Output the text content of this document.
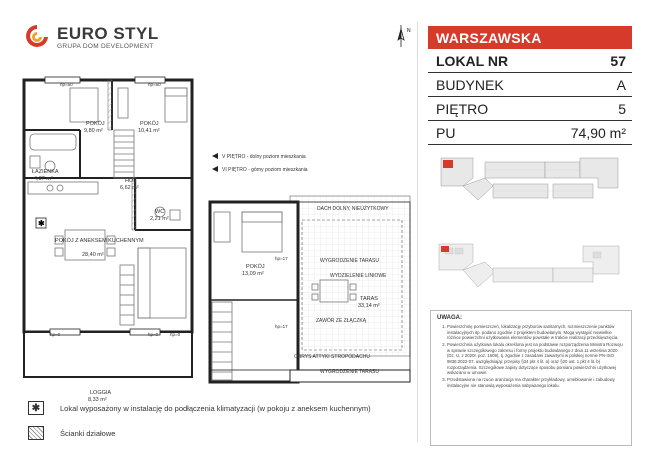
EURO STYL
GRUPA DOM DEVELOPMENT
N	WARSZAWSKA
LOKAL NR	57
BUDYNEK	A
PIĘTRO	5
PU	74,90 m²
UWAGA:
1. Powierzchnię pomieszczeń, lokalizację przyborów sanitarnych, rozmieszczenie punktów instalacyjnych itp. podano zgodnie z projektem budowlanym. Mogą wystąpić niewielkie różnice powierzchni użytkowania elementów powstałe w trakcie realizacji przedsięwzięcia.
2. Powierzchnia użytkowa lokalu określona jest na podstawie rozporządzenia Ministra Rozwoju w sprawie szczegółowego zakresu i formy projektu budowlanego z dnia 11 września 2020 (Dz. U. z 2020r. poz. 1609), tj. zgodnie z zasadami zawartymi w polskiej normie PN-ISO 9836:2022-07, uwzględniając przepisy §34 pkt 4 lit. a) oraz §20 ust. 1 pkt 4 lit. b) rozporządzenia. Szczegółowe zapisy dotyczące sposobu pomiaru powierzchni użytkowej wskazano w umowie.
3. Przedstawiona na rzucie aranżacja ma charakter przykładowy, umeblowanie i zabudowy instalacyjne nie stanowią wyposażenia nabywanego lokalu.
✱
POKÓJ
9,80 m²
POKÓJ
10,41 m²
ŁAZIENKA
4,37 m²	HOL
6,62 m²
WC
2,21 m²
POKÓJ Z ANEKSEM KUCHENNYM
28,40 m²
LOGGIA
8,33 m²
hp=50	hp=50
hp=0	hp=0
V PIĘTRO - dolny poziom mieszkania
VI PIĘTRO - górny poziom mieszkania
DACH DOLNY, NIEUŻYTKOWY
WYGRODZENIE TARASU
WYDZIELENIE LINIOWE
TARAS
33,14 m²
ZAWÓR ZE ZŁĄCZKĄ
OBRYS ATTYKI STROPODACHU
WYGRODZENIE TARASU
POKÓJ
13,09 m²
hp=17
hp=17
hp=0
✱	Lokal wyposażony w instalację do podłączenia klimatyzacji (w pokoju z aneksem kuchennym)
Ścianki działowe
